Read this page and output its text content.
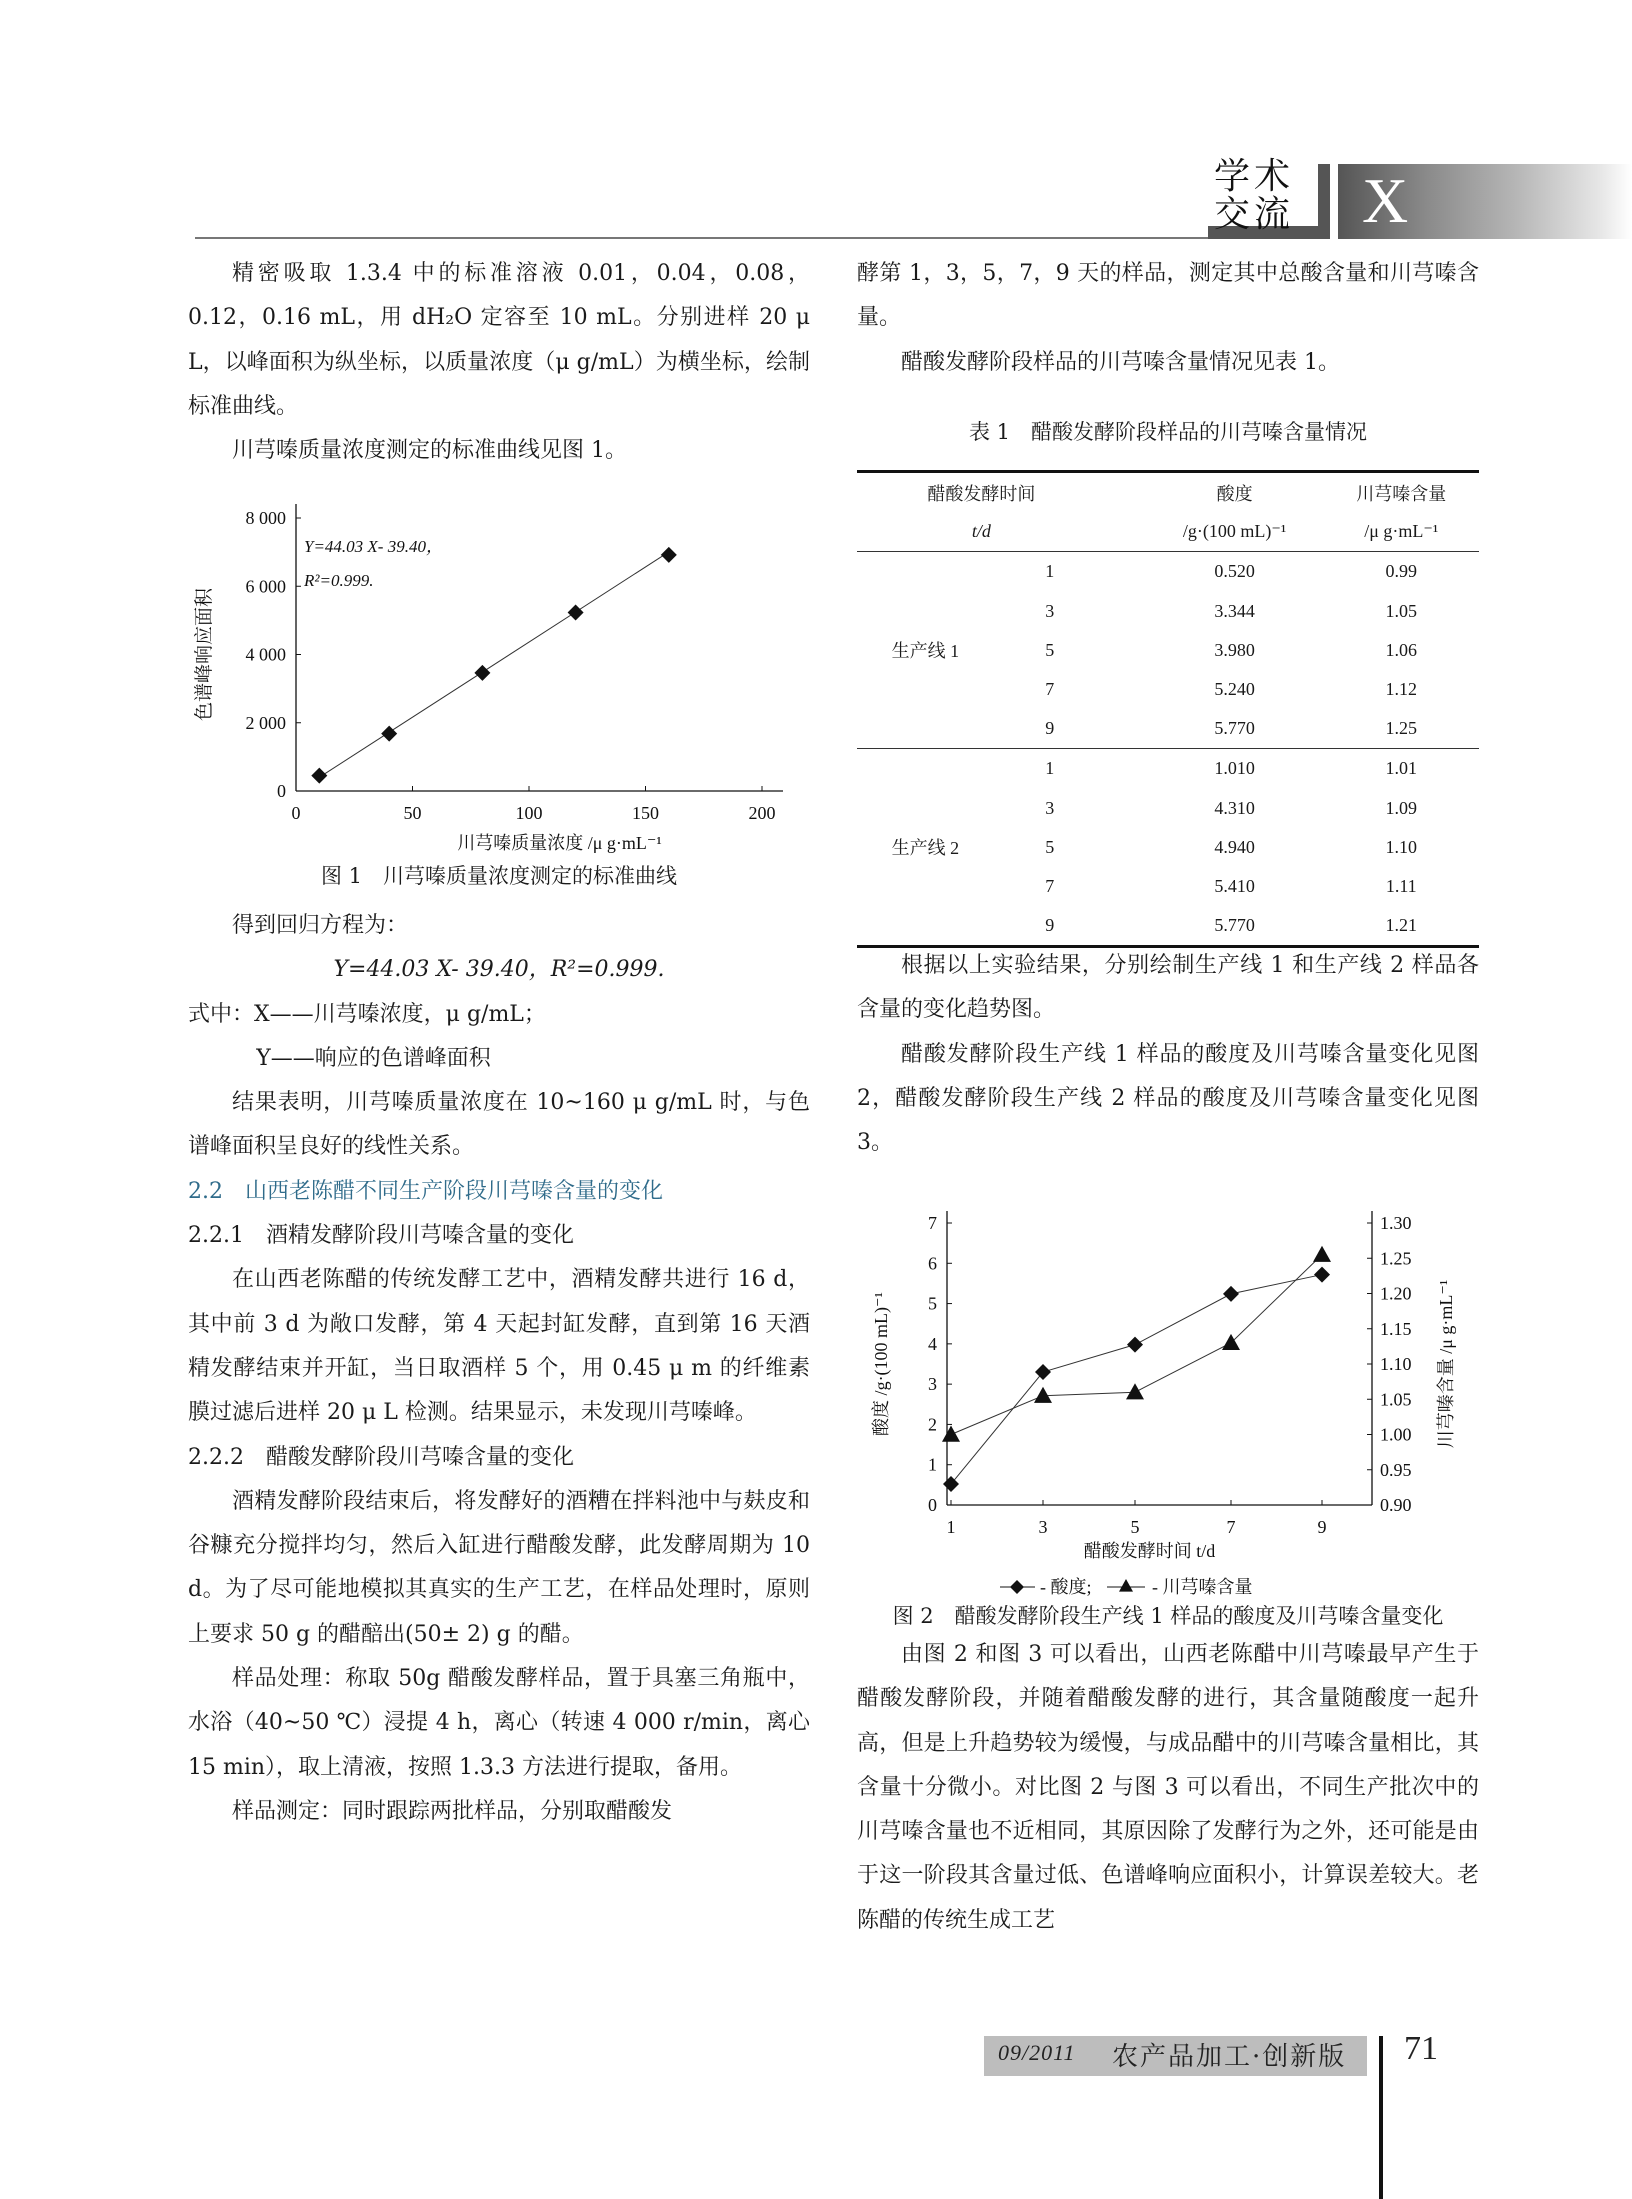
学术
交流	X

精密吸取 1.3.4 中的标准溶液 0.01，0.04，0.08，0.12，0.16 mL，用 dH₂O 定容至 10 mL。分别进样 20 μ L，以峰面积为纵坐标，以质量浓度（μ g/mL）为横坐标，绘制标准曲线。

川芎嗪质量浓度测定的标准曲线见图 1。

0
2 000
4 000
6 000
8 000
0	50	100	150	200
Y=44.03 X- 39.40，
R²=0.999.
川芎嗪质量浓度 /μ g·mL⁻¹
色谱峰响应面积
图 1　川芎嗪质量浓度测定的标准曲线

得到回归方程为：

Y=44.03 X- 39.40，R²=0.999.

式中：X——川芎嗪浓度，μ g/mL；

Y——响应的色谱峰面积

结果表明，川芎嗪质量浓度在 10~160 μ g/mL 时，与色谱峰面积呈良好的线性关系。

2.2　山西老陈醋不同生产阶段川芎嗪含量的变化

2.2.1　酒精发酵阶段川芎嗪含量的变化

在山西老陈醋的传统发酵工艺中，酒精发酵共进行 16 d，其中前 3 d 为敞口发酵，第 4 天起封缸发酵，直到第 16 天酒精发酵结束并开缸，当日取酒样 5 个，用 0.45 μ m 的纤维素膜过滤后进样 20 μ L 检测。结果显示，未发现川芎嗪峰。

2.2.2　醋酸发酵阶段川芎嗪含量的变化

酒精发酵阶段结束后，将发酵好的酒糟在拌料池中与麸皮和谷糠充分搅拌均匀，然后入缸进行醋酸发酵，此发酵周期为 10 d。为了尽可能地模拟其真实的生产工艺，在样品处理时，原则上要求 50 g 的醋醅出(50± 2) g 的醋。

样品处理：称取 50g 醋酸发酵样品，置于具塞三角瓶中，水浴（40~50 ℃）浸提 4 h，离心（转速 4 000 r/min，离心 15 min），取上清液，按照 1.3.3 方法进行提取，备用。

样品测定：同时跟踪两批样品，分别取醋酸发

酵第 1，3，5，7，9 天的样品，测定其中总酸含量和川芎嗪含量。

醋酸发酵阶段样品的川芎嗪含量情况见表 1。

表 1　醋酸发酵阶段样品的川芎嗪含量情况
醋酸发酵时间		酸度	川芎嗪含量
t/d		/g·(100 mL)⁻¹	/μ g·mL⁻¹
	1	0.520	0.99
	3	3.344	1.05
生产线 1	5	3.980	1.06
	7	5.240	1.12
	9	5.770	1.25
	1	1.010	1.01
	3	4.310	1.09
生产线 2	5	4.940	1.10
	7	5.410	1.11
	9	5.770	1.21

根据以上实验结果，分别绘制生产线 1 和生产线 2 样品各含量的变化趋势图。

醋酸发酵阶段生产线 1 样品的酸度及川芎嗪含量变化见图 2，醋酸发酵阶段生产线 2 样品的酸度及川芎嗪含量变化见图 3。

0
1
2
3
4
5
6
7
0.90
0.95
1.00
1.05
1.10
1.15
1.20
1.25
1.30
1	3	5	7	9
醋酸发酵时间 t/d
酸度 /g·(100 mL)⁻¹	川芎嗪含量 /μ g·mL⁻¹
- 酸度;	- 川芎嗪含量
图 2　醋酸发酵阶段生产线 1 样品的酸度及川芎嗪含量变化

由图 2 和图 3 可以看出，山西老陈醋中川芎嗪最早产生于醋酸发酵阶段，并随着醋酸发酵的进行，其含量随酸度一起升高，但是上升趋势较为缓慢，与成品醋中的川芎嗪含量相比，其含量十分微小。对比图 2 与图 3 可以看出，不同生产批次中的川芎嗪含量也不近相同，其原因除了发酵行为之外，还可能是由于这一阶段其含量过低、色谱峰响应面积小，计算误差较大。老陈醋的传统生成工艺

09/2011 农产品加工·创新版 71
